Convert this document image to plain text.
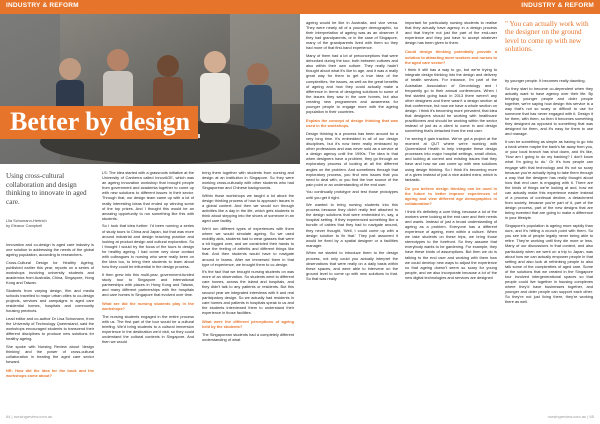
INDUSTRY & REFORM
Better by design
Using cross-cultural collaboration and design thinking to innovate in aged care.
Lila Schumann-Hertrich
by Eleanor Campbell

Innovation and co-design is aged care industry is one solution to addressing the needs of the global ageing population, according to researchers.

Cross-Cultural Design for Healthy Ageing, published earlier this year, reports on a series of workshops involving university students and academics from Australia, China, Singapore, Hong Kong and Taiwan.

Students from varying design, film and media schools travelled to major urban cities to co-design projects, services and campaigns in aged care residential homes, hospitals and community housing precincts.

Lead editor and co-author Dr Lisa Schumann, from the University of Technology Queensland, said the workshops encouraged students to transcend their different disciplines to produce new solutions for healthy ageing.

She spoke with Nursing Review about 'design thinking' and the power of cross-cultural collaboration in treating the aged care sector forward.

NR: How did the idea for the book and the workshops come about?

LS: The idea started with a grassroots initiative at the University of Canberra called InnovAGE, which was an ageing innovation workshop that brought people from government and academia together to come up with new solutions to different issues in their sector. Through that, our design team came up with a lot of really interesting ideas that ended up winning some of the top prizes. And I thought this would be an amazing opportunity to run something like this with students.

So I took that idea further. I'd been running a series of study tours to China and Japan, but that was more around industrial and design teaching practice and looking at product design and cultural exploration. So I thought I would try the focus of the tours to design for healthy ageing. I had come very close contact with colleagues in nursing who were really keen on the idea too, to bring their students to learn about how they could be influential in the design process.

It then grew into this multi-year, government-funded study tour to Singapore and international partnerships with places in Hong Kong and Taiwan, and many different partnerships with the hospitals and care homes in Singapore that evolved over time.

What are did the nursing students play in the workshops?

The nursing students engaged in the entire process with us. The first part of the tour would be a cultural briefing. We'd bring students to a cultural immersion experience in the destination we'd visit, so they could understand the cultural contexts in Singapore. And then we would

bring them together with students from nursing and design at an institution in Singapore. So they were working cross-culturally with other students who had Singaporean and Chinese backgrounds.

Within those workshops we taught a lot about the design thinking process of how to approach issues in a global context. And then we would run through activities like a day in the life, which gets students to think about stepping into the shoes of someone in an aged care facility.

We'd run different types of experiences with them where we would simulate ageing. So we used mobility aids, students had to wear glasses that were a bit fogged over, and we constricted their hands to have the feeling of arthritis and different things like that. And then students would have to navigate around in teams. After we immersed them in that type of experience, we brought them to co-design.

It's the fact that we brought nursing students on was more of an observation. So students went to different care homes, across the island and hospitals, and they didn't talk to any patients or residents. But this second year we integrated interviews with it and real participatory design. So we actually had residents in care homes and patients in hospitals speak to us and the students interviewed them to understand their experience in those facilities.

What were the different perceptions of ageing held by the students?

The Singaporean students had a completely different understanding of what

64 | nursingreview.com.au
INDUSTRY & REFORM

ageing would be like in Australia, and vice versa. They were nearly all of a younger demographic, so their interpretation of ageing was as an observer if they had grandparents, or in the case of Singapore, many of the grandparents lived with them so they had more of that first-hand experience.

Many of them had a lot of preconceptions that were debunked during the tour, both between cultures and also within their own culture. They really hadn't thought about what it's like to age, and it was a really great way for them to get a true idea of the complexities, the issues, as well as the great benefits of ageing and how they could actually make a difference in terms of designing solutions to some of the issues they saw in the care homes, but also creating new programmes and awareness for younger people to engage more with the ageing population in their countries.

Explain the concept of design thinking that was used in the workshops.

Design thinking is a process has been around for a very long time. It's embedded in all of our design disciplines, but it's now been really embraced by other professions and was never sold as a service at a design agency until the 1990s. The idea is that when designers have a problem, they go through an exploratory process of looking at all the different angles on the problem. And sometimes through that exploratory process, you find new issues that you need to deal with, or you find the true source of the pain point or an understanding of the end user.

You continually prototype and test those prototypes until you get it right.

We wanted to bring nursing students into this process because they didn't really feel attached to the design solutions that were embedded in, say, a hospital setting. If they experienced something like a bundle of cables that they had to navigate around, they never thought, 'Well, I could come up with a design solution to fix that.' They just assumed it would be fixed by a spatial designer or a facilities manager.

When we started to introduce them to the design process, not only could you actually interpret the observations that were really on a daily basis within these spaces, and were able to intervene on the ground level to come up with new solutions to that. So that was really

important for particularly nursing students to realise that they actually have agency in a design process and that they're not just the part of the end-user experience and they just have to accept whatever design has been given to them.

Could design thinking potentially provide a solution to attracting more workers and nurses to the aged care sector?

I think it still has a way to go, but we're trying to integrate design thinking into the design and delivery of health services. For instance, I'm part of the Australian Association of Gerontology and I frequently go to their annual conferences. When I first started going back in 2013 there weren't any other designers and there wasn't a design section at that conference, but now we have a whole section on design. I think it's becoming more prevalent, that idea that designers should be working with healthcare practitioners and should be working within the sector instead of just as a client to come in and design something that's detached from the end user.

I'm seeing it gain traction. We've got a project at the moment at QUT where we're working with Queensland Health to help integrate these design processes into major hospital settings, small clinics, and looking at current and existing issues that they have and how we can come up with new solutions using design thinking. So I think it's becoming more of a given instead of just a nice added extra, which is fantastic.

Do you believe design thinking can be used in the future to better improve experiences of ageing and view different age demographics in collaboration?

I think it's definitely a core thing, because a lot of the workers were looking at the end user and their needs and wants. Instead of just a broad understanding of ageing as a problem. Everyone has a different experience of ageing, even within a culture. When we take students on these trips, we bring those stereotypes to the forefront. So they assume that everybody wants to be gardening. For example, they have these kinds of assumptions. But then we do is talking to the end user and working with them how we could develop new ways to adjust the experience so that ageing doesn't seem so scary for young people, and we also incorporate because a lot of the new digital technologies and services are designed

" You can actually work with the designer on the ground level to come up with new solutions.

by younger people. It becomes really daunting.

So they start to become co-dependent when they actually want to have agency over their life. By bringing younger people and older people together, we're saying how design this service is a way that's not so scary or difficult to use for someone that has never engaged with it. Design it for them, with them, so then it becomes something they designed as opposed to something that was designed for them, and it's easy for them to use and manage.

It can be something as simple as having to go into a bank where maybe the bank's far away from you, or your local branch has shut down, and it's like, 'How am I going to do my banking? I don't know what I'm going to do.' Or it's how people can engage with that technology and it's not so scary because you're actually trying to take them through a way that the designer has really thought about how that end user is engaging with it. There are the kinds of things we're looking at and, how we can actually make this experience easier instead of a process of continual decline, a detachment from society, because you're part of it, part of the design process, part of the new designs that are being invented that are going to make a difference in your lifestyle.

Singapore's population is ageing more rapidly than ours, and it's hitting a crunch point with them. So you see lots of people legally never being able to retire. They're working until they die more or less. Many of our discussions in that context, and also particularly when we went on a trip to Japan, was about how we can actually empower people in that setting and also look at rethinking people to also talk some of the complexities of aged care. Some of the solutions that we created in the Singapore tour involved intergenerational spaces so that people could live together in housing complexes where they'd have businesses together, and younger and older people can support each other. So they're not just living there, they're working there as well.

nursingreview.com.au | 65
